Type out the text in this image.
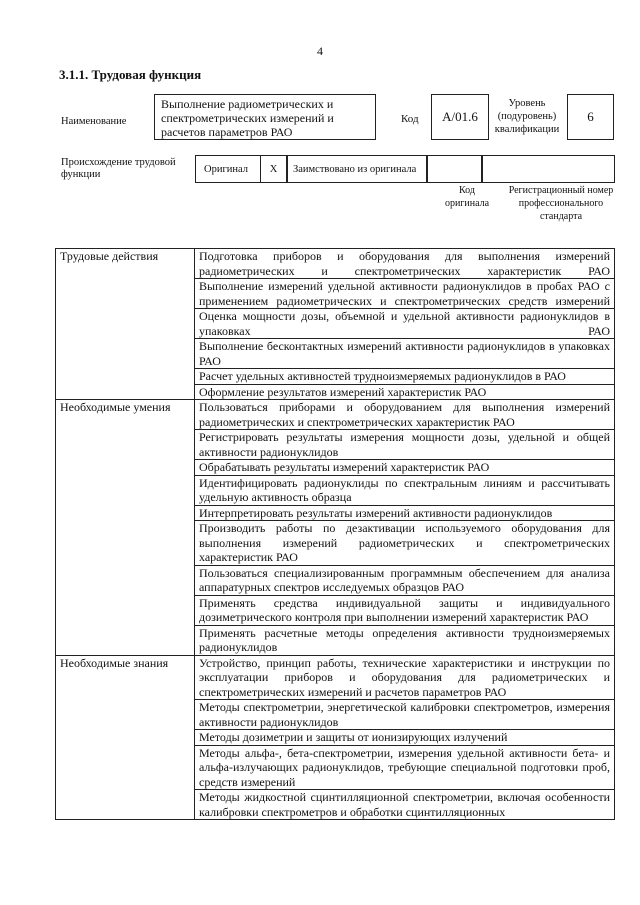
4
3.1.1. Трудовая функция
Наименование
Выполнение радиометрических и спектрометрических измерений и расчетов параметров РАО
Код	A/01.6
Уровень (подуровень) квалификации
6
Происхождение трудовой функции	Оригинал	X	Заимствовано из оригинала
Код оригинала
Регистрационный номер профессионального стандарта
Трудовые действия	Подготовка приборов и оборудования для выполнения измерений радиометрических и спектрометрических характеристик РАО
	Выполнение измерений удельной активности радионуклидов в пробах РАО с применением радиометрических и спектрометрических средств измерений
	Оценка мощности дозы, объемной и удельной активности радионуклидов в упаковках РАО
	Выполнение бесконтактных измерений активности радионуклидов в упаковках РАО
	Расчет удельных активностей трудноизмеряемых радионуклидов в РАО
	Оформление результатов измерений характеристик РАО
Необходимые умения	Пользоваться приборами и оборудованием для выполнения измерений радиометрических и спектрометрических характеристик РАО
	Регистрировать результаты измерения мощности дозы, удельной и общей активности радионуклидов
	Обрабатывать результаты измерений характеристик РАО
	Идентифицировать радионуклиды по спектральным линиям и рассчитывать удельную активность образца
	Интерпретировать результаты измерений активности радионуклидов
	Производить работы по дезактивации используемого оборудования для выполнения измерений радиометрических и спектрометрических характеристик РАО
	Пользоваться специализированным программным обеспечением для анализа аппаратурных спектров исследуемых образцов РАО
	Применять средства индивидуальной защиты и индивидуального дозиметрического контроля при выполнении измерений характеристик РАО
	Применять расчетные методы определения активности трудноизмеряемых радионуклидов
Необходимые знания	Устройство, принцип работы, технические характеристики и инструкции по эксплуатации приборов и оборудования для радиометрических и спектрометрических измерений и расчетов параметров РАО
	Методы спектрометрии, энергетической калибровки спектрометров, измерения активности радионуклидов
	Методы дозиметрии и защиты от ионизирующих излучений
	Методы альфа-, бета-спектрометрии, измерения удельной активности бета- и альфа-излучающих радионуклидов, требующие специальной подготовки проб, средств измерений
	Методы жидкостной сцинтилляционной спектрометрии, включая особенности калибровки спектрометров и обработки сцинтилляционных
